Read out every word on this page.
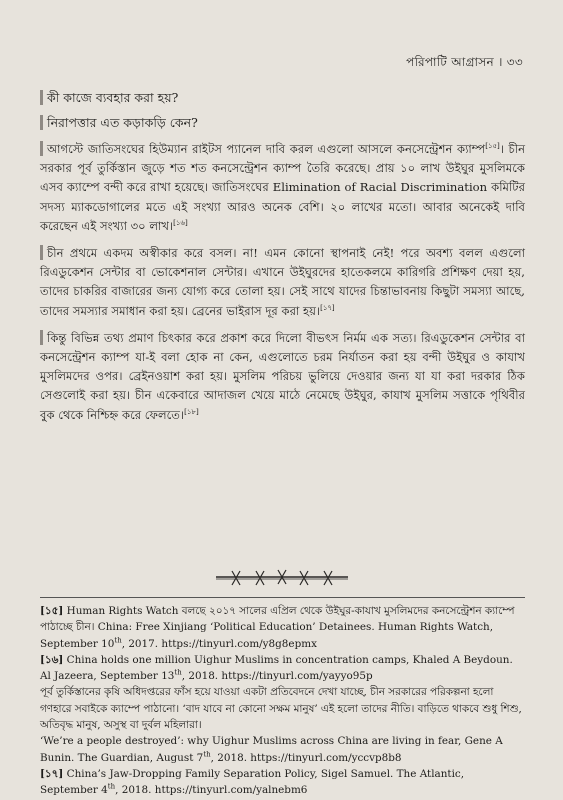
পরিপাটি আগ্রাসন । ৩৩

কী কাজে ব্যবহার করা হয়?

নিরাপত্তার এত কড়াকড়ি কেন?

আগস্টে জাতিসংঘের হিউম্যান রাইটস প্যানেল দাবি করল এগুলো আসলে কনসেন্ট্রেশন ক্যাম্প[১৫]। চীন সরকার পূর্ব তুর্কিস্তান জুড়ে শত শত কনসেন্ট্রেশন ক্যাম্প তৈরি করেছে। প্রায় ১০ লাখ উইঘুর মুসলিমকে এসব ক্যাম্পে বন্দী করে রাখা হয়েছে। জাতিসংঘের Elimination of Racial Discrimination কমিটির সদস্য ম্যাকডোগালের মতে এই সংখ্যা আরও অনেক বেশি। ২০ লাখের মতো। আবার অনেকেই দাবি করেছেন এই সংখ্যা ৩০ লাখ।[১৬]

চীন প্রথমে একদম অস্বীকার করে বসল। না! এমন কোনো স্থাপনাই নেই! পরে অবশ্য বলল এগুলো রিএডুকেশন সেন্টার বা ভোকেশনাল সেন্টার। এখানে উইঘুরদের হাতেকলমে কারিগরি প্রশিক্ষণ দেয়া হয়, তাদের চাকরির বাজারের জন্য যোগ্য করে তোলা হয়। সেই সাথে যাদের চিন্তাভাবনায় কিছুটা সমস্যা আছে, তাদের সমস্যার সমাধান করা হয়। ব্রেনের ভাইরাস দূর করা হয়।[১৭]

কিন্তু বিভিন্ন তথ্য প্রমাণ চিৎকার করে প্রকাশ করে দিলো বীভৎস নির্মম এক সত্য। রিএডুকেশন সেন্টার বা কনসেন্ট্রেশন ক্যাম্প যা-ই বলা হোক না কেন, এগুলোতে চরম নির্যাতন করা হয় বন্দী উইঘুর ও কাযাখ মুসলিমদের ওপর। ব্রেইনওয়াশ করা হয়। মুসলিম পরিচয় ভুলিয়ে দেওয়ার জন্য যা যা করা দরকার ঠিক সেগুলোই করা হয়। চীন একেবারে আদাজল খেয়ে মাঠে নেমেছে উইঘুর, কাযাখ মুসলিম সত্তাকে পৃথিবীর বুক থেকে নিশ্চিহ্ন করে ফেলতে।[১৮]

[১৫] Human Rights Watch বলছে ২০১৭ সালের এপ্রিল থেকে উইঘুর-কাযাখ মুসলিমদের কনসেন্ট্রেশন ক্যাম্পে পাঠাচ্ছে চীন। China: Free Xinjiang ‘Political Education’ Detainees. Human Rights Watch, September 10th, 2017. https://tinyurl.com/y8g8epmx

[১৬] China holds one million Uighur Muslims in concentration camps, Khaled A Beydoun. Al Jazeera, September 13th, 2018. https://tinyurl.com/yayyo95p

পূর্ব তুর্কিস্তানের কৃষি অধিদপ্তরের ফাঁস হয়ে যাওয়া একটা প্রতিবেদনে দেখা যাচ্ছে, চীন সরকারের পরিকল্পনা হলো গণহারে সবাইকে ক্যাম্পে পাঠানো। ‘বাদ যাবে না কোনো সক্ষম মানুষ’ এই হলো তাদের নীতি। বাড়িতে থাকবে শুধু শিশু, অতিবৃদ্ধ মানুষ, অসুস্থ বা দুর্বল মহিলারা।

‘We’re a people destroyed’: why Uighur Muslims across China are living in fear, Gene A Bunin. The Guardian, August 7th, 2018. https://tinyurl.com/yccvp8b8

[১৭] China’s Jaw-Dropping Family Separation Policy, Sigel Samuel. The Atlantic, September 4th, 2018. https://tinyurl.com/yalnebm6
